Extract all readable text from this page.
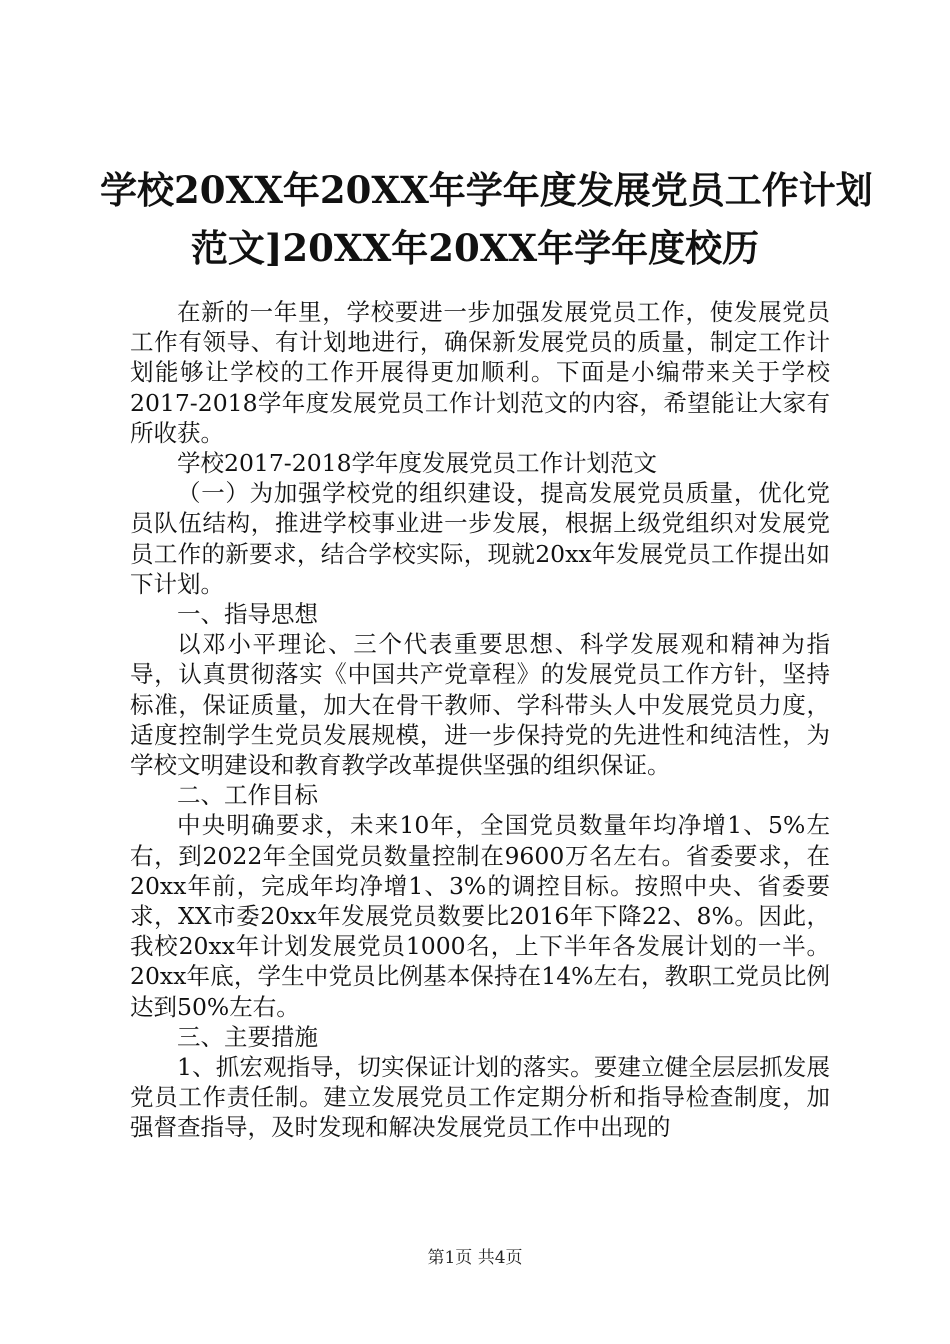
学校20XX年20XX年学年度发展党员工作计划
范文]20XX年20XX年学年度校历

在新的一年里，学校要进一步加强发展党员工作，使发展党员工作有领导、有计划地进行，确保新发展党员的质量，制定工作计划能够让学校的工作开展得更加顺利。下面是小编带来关于学校2017-2018学年度发展党员工作计划范文的内容，希望能让大家有所收获。

学校2017-2018学年度发展党员工作计划范文

（一）为加强学校党的组织建设，提高发展党员质量，优化党员队伍结构，推进学校事业进一步发展，根据上级党组织对发展党员工作的新要求，结合学校实际，现就20xx年发展党员工作提出如下计划。

一、指导思想

以邓小平理论、三个代表重要思想、科学发展观和精神为指导，认真贯彻落实《中国共产党章程》的发展党员工作方针，坚持标准，保证质量，加大在骨干教师、学科带头人中发展党员力度，适度控制学生党员发展规模，进一步保持党的先进性和纯洁性，为学校文明建设和教育教学改革提供坚强的组织保证。

二、工作目标

中央明确要求，未来10年，全国党员数量年均净增1、5%左右，到2022年全国党员数量控制在9600万名左右。省委要求，在20xx年前，完成年均净增1、3%的调控目标。按照中央、省委要求，XX市委20xx年发展党员数要比2016年下降22、8%。因此，我校20xx年计划发展党员1000名，上下半年各发展计划的一半。20xx年底，学生中党员比例基本保持在14%左右，教职工党员比例达到50%左右。

三、主要措施

1、抓宏观指导，切实保证计划的落实。要建立健全层层抓发展党员工作责任制。建立发展党员工作定期分析和指导检查制度，加强督查指导，及时发现和解决发展党员工作中出现的

第1页 共4页
